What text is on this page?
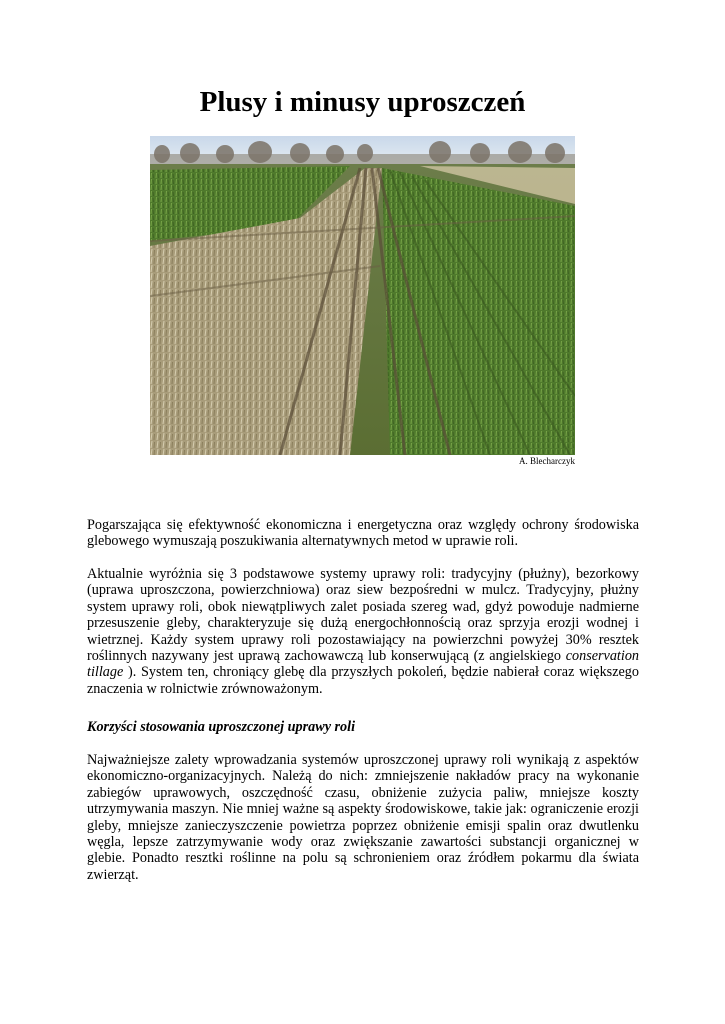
Plusy i minusy uproszczeń
A. Blecharczyk

Pogarszająca się efektywność ekonomiczna i energetyczna oraz względy ochrony środowiska glebowego wymuszają poszukiwania alternatywnych metod w uprawie roli.

Aktualnie wyróżnia się 3 podstawowe systemy uprawy roli: tradycyjny (płużny), bezorkowy (uprawa uproszczona, powierzchniowa) oraz siew bezpośredni w mulcz. Tradycyjny, płużny system uprawy roli, obok niewątpliwych zalet posiada szereg wad, gdyż powoduje nadmierne przesuszenie gleby, charakteryzuje się dużą energochłonnością oraz sprzyja erozji wodnej i wietrznej. Każdy system uprawy roli pozostawiający na powierzchni powyżej 30% resztek roślinnych nazywany jest uprawą zachowawczą lub konserwującą (z angielskiego conservation tillage ). System ten, chroniący glebę dla przyszłych pokoleń, będzie nabierał coraz większego znaczenia w rolnictwie zrównoważonym.

Korzyści stosowania uproszczonej uprawy roli

Najważniejsze zalety wprowadzania systemów uproszczonej uprawy roli wynikają z aspektów ekonomiczno-organizacyjnych. Należą do nich: zmniejszenie nakładów pracy na wykonanie zabiegów uprawowych, oszczędność czasu, obniżenie zużycia paliw, mniejsze koszty utrzymywania maszyn. Nie mniej ważne są aspekty środowiskowe, takie jak: ograniczenie erozji gleby, mniejsze zanieczyszczenie powietrza poprzez obniżenie emisji spalin oraz dwutlenku węgla, lepsze zatrzymywanie wody oraz zwiększanie zawartości substancji organicznej w glebie. Ponadto resztki roślinne na polu są schronieniem oraz źródłem pokarmu dla świata zwierząt.
